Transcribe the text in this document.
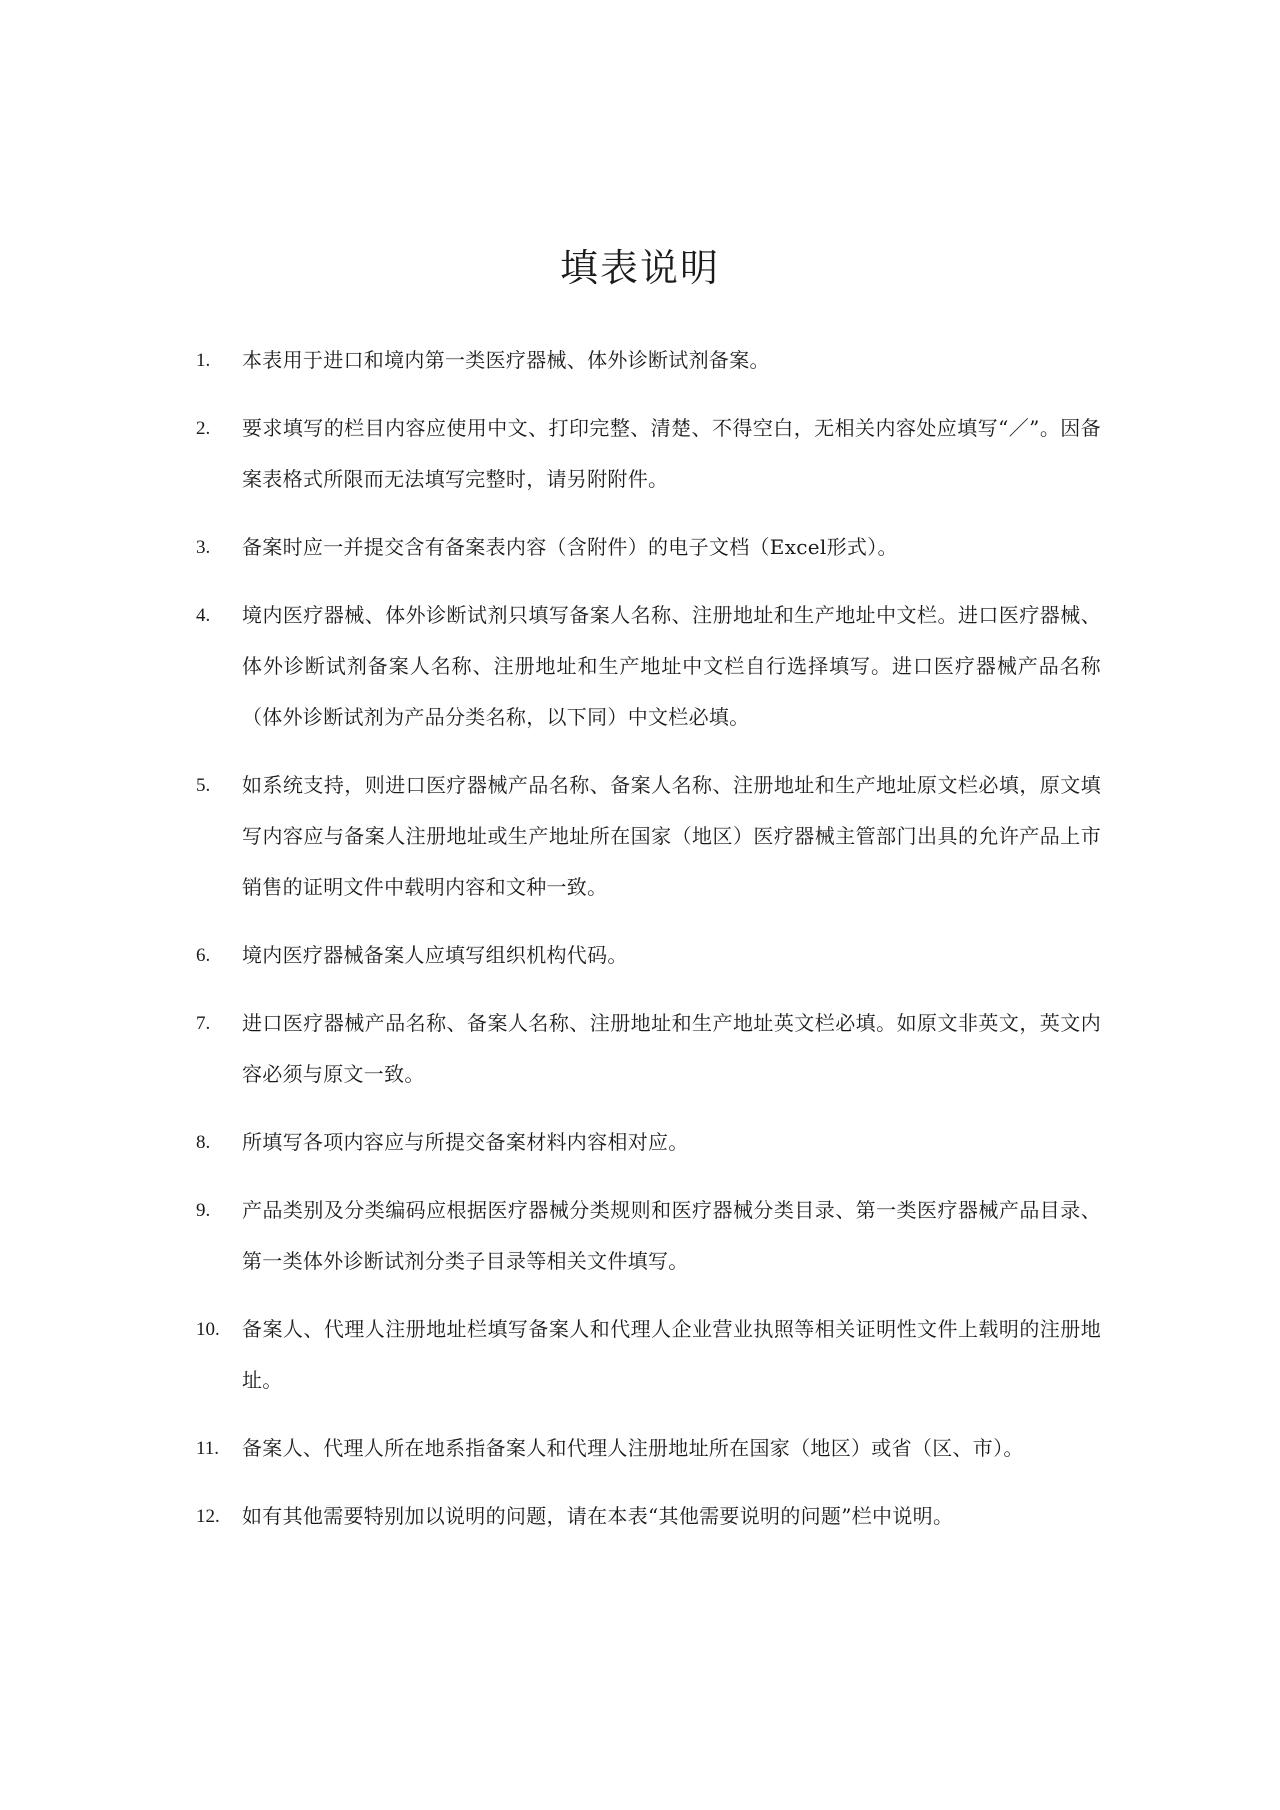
填表说明
1.	本表用于进口和境内第一类医疗器械、体外诊断试剂备案。
2.	要求填写的栏目内容应使用中文、打印完整、清楚、不得空白，无相关内容处应填写“／”。因备案表格式所限而无法填写完整时，请另附附件。
3.	备案时应一并提交含有备案表内容（含附件）的电子文档（Excel形式）。
4.	境内医疗器械、体外诊断试剂只填写备案人名称、注册地址和生产地址中文栏。进口医疗器械、体外诊断试剂备案人名称、注册地址和生产地址中文栏自行选择填写。进口医疗器械产品名称（体外诊断试剂为产品分类名称，以下同）中文栏必填。
5.	如系统支持，则进口医疗器械产品名称、备案人名称、注册地址和生产地址原文栏必填，原文填写内容应与备案人注册地址或生产地址所在国家（地区）医疗器械主管部门出具的允许产品上市销售的证明文件中载明内容和文种一致。
6.	境内医疗器械备案人应填写组织机构代码。
7.	进口医疗器械产品名称、备案人名称、注册地址和生产地址英文栏必填。如原文非英文，英文内容必须与原文一致。
8.	所填写各项内容应与所提交备案材料内容相对应。
9.	产品类别及分类编码应根据医疗器械分类规则和医疗器械分类目录、第一类医疗器械产品目录、第一类体外诊断试剂分类子目录等相关文件填写。
10.	备案人、代理人注册地址栏填写备案人和代理人企业营业执照等相关证明性文件上载明的注册地址。
11.	备案人、代理人所在地系指备案人和代理人注册地址所在国家（地区）或省（区、市）。
12.	如有其他需要特别加以说明的问题，请在本表“其他需要说明的问题”栏中说明。
